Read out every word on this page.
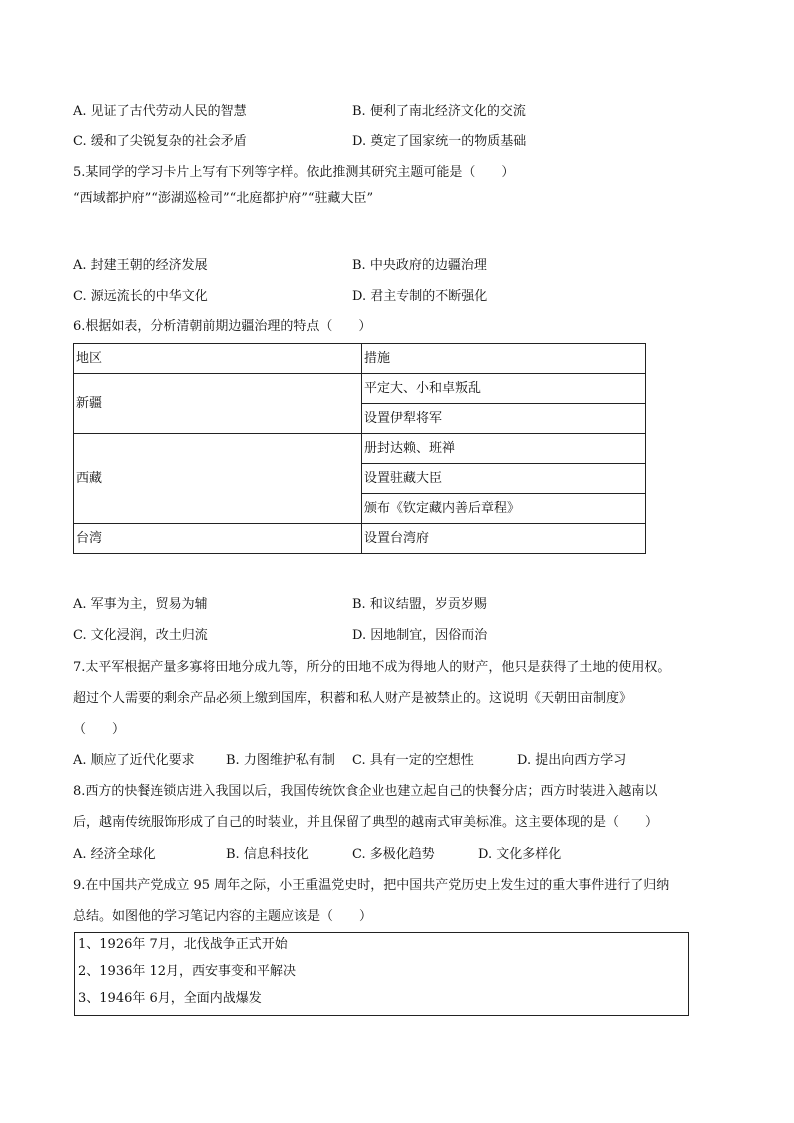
A. 见证了古代劳动人民的智慧	B. 便利了南北经济文化的交流
C. 缓和了尖锐复杂的社会矛盾	D. 奠定了国家统一的物质基础
5.某同学的学习卡片上写有下列等字样。依此推测其研究主题可能是（　　）
“西域都护府”“澎湖巡检司”“北庭都护府”“驻藏大臣”
A. 封建王朝的经济发展	B. 中央政府的边疆治理
C. 源远流长的中华文化	D. 君主专制的不断强化
6.根据如表，分析清朝前期边疆治理的特点（　　）
地区	措施
新疆	平定大、小和卓叛乱
	设置伊犁将军
西藏	册封达赖、班禅
	设置驻藏大臣
	颁布《钦定藏内善后章程》
台湾	设置台湾府
A. 军事为主，贸易为辅	B. 和议结盟，岁贡岁赐
C. 文化浸润，改土归流	D. 因地制宜，因俗而治
7.太平军根据产量多寡将田地分成九等，所分的田地不成为得地人的财产，他只是获得了土地的使用权。
超过个人需要的剩余产品必须上缴到国库，积蓄和私人财产是被禁止的。这说明《天朝田亩制度》
（　　）
A. 顺应了近代化要求 B. 力图维护私有制 C. 具有一定的空想性	D. 提出向西方学习
8.西方的快餐连锁店进入我国以后，我国传统饮食企业也建立起自己的快餐分店；西方时装进入越南以
后，越南传统服饰形成了自己的时装业，并且保留了典型的越南式审美标准。这主要体现的是（　　）
A. 经济全球化	B. 信息科技化	C. 多极化趋势	D. 文化多样化
9.在中国共产党成立 95 周年之际，小王重温党史时，把中国共产党历史上发生过的重大事件进行了归纳
总结。如图他的学习笔记内容的主题应该是（　　）
1、1926年 7月，北伐战争正式开始
2、1936年 12月，西安事变和平解决
3、1946年 6月，全面内战爆发
